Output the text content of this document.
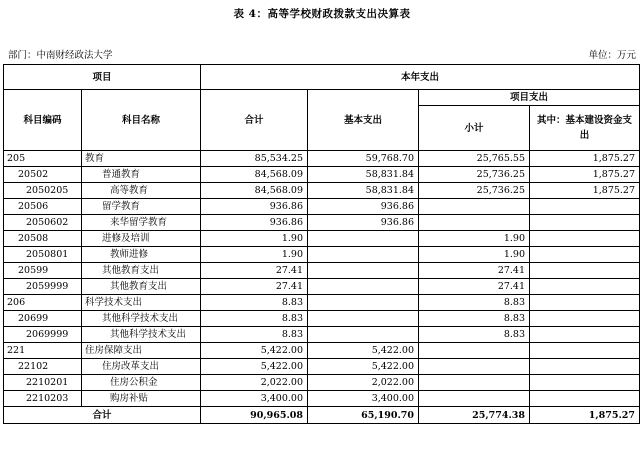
表 4：高等学校财政拨款支出决算表
部门：中南财经政法大学	单位：万元
项目		本年支出			
科目编码	科目名称	合计	基本支出	项目支出	
				小计	其中：基本建设资金支出
205	教育	85,534.25	59,768.70	25,765.55	1,875.27
20502	普通教育	84,568.09	58,831.84	25,736.25	1,875.27
2050205	高等教育	84,568.09	58,831.84	25,736.25	1,875.27
20506	留学教育	936.86	936.86		
2050602	来华留学教育	936.86	936.86		
20508	进修及培训	1.90		1.90	
2050801	教师进修	1.90		1.90	
20599	其他教育支出	27.41		27.41	
2059999	其他教育支出	27.41		27.41	
206	科学技术支出	8.83		8.83	
20699	其他科学技术支出	8.83		8.83	
2069999	其他科学技术支出	8.83		8.83	
221	住房保障支出	5,422.00	5,422.00		
22102	住房改革支出	5,422.00	5,422.00		
2210201	住房公积金	2,022.00	2,022.00		
2210203	购房补贴	3,400.00	3,400.00		
合计		90,965.08	65,190.70	25,774.38	1,875.27
